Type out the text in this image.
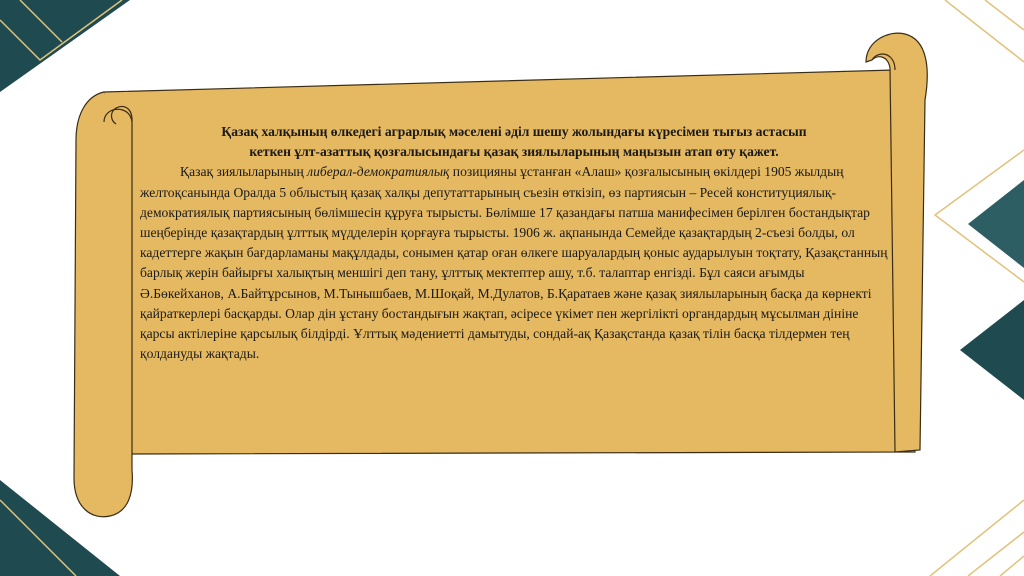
Қазақ халқының өлкедегі аграрлық мәселені әділ шешу жолындағы күресімен тығыз астасып
кеткен ұлт-азаттық қозғалысындағы қазақ зиялыларының маңызын атап өту қажет.

Қазақ зиялыларының либерал-демократиялық позицияны ұстанған «Алаш» қозғалысының өкілдері 1905 жылдың желтоқсанында Оралда 5 облыстың қазақ халқы депутаттарының съезін өткізіп, өз партиясын – Ресей конституциялық-демократиялық партиясының бөлімшесін құруға тырысты. Бөлімше 17 қазандағы патша манифесімен берілген бостандықтар шеңберінде қазақтардың ұлттық мүдделерін қорғауға тырысты. 1906 ж. ақпанында Семейде қазақтардың 2-съезі болды, ол кадеттерге жақын бағдарламаны мақұлдады, сонымен қатар оған өлкеге шаруалардың қоныс аударылуын тоқтату, Қазақстанның барлық жерін байырғы халықтың меншігі деп тану, ұлттық мектептер ашу, т.б. талаптар енгізді. Бұл саяси ағымды Ә.Бөкейханов, А.Байтұрсынов, М.Тынышбаев, М.Шоқай, М.Дулатов, Б.Қаратаев және қазақ зиялыларының басқа да көрнекті қайраткерлері басқарды. Олар дін ұстану бостандығын жақтап, әсіресе үкімет пен жергілікті органдардың мұсылман дініне қарсы актілеріне қарсылық білдірді. Ұлттық мәдениетті дамытуды, сондай-ақ Қазақстанда қазақ тілін басқа тілдермен тең қолдануды жақтады.
